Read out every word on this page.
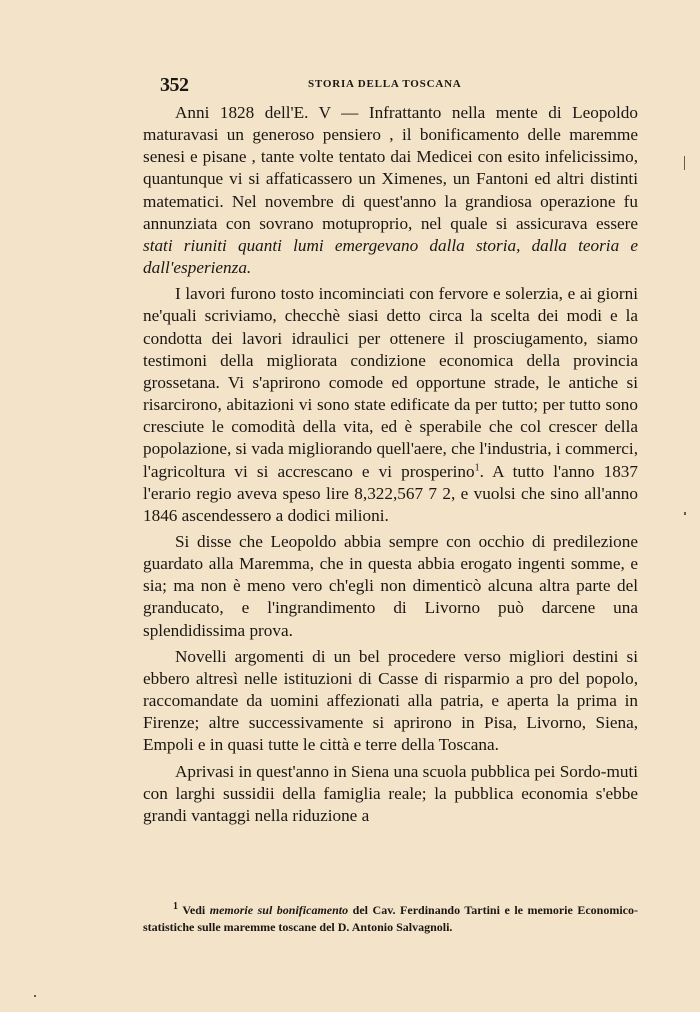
352	STORIA DELLA TOSCANA

Anni 1828 dell'E. V — Infrattanto nella mente di Leopoldo maturavasi un generoso pensiero , il bonificamento delle maremme senesi e pisane , tante volte tentato dai Medicei con esito infelicissimo, quantunque vi si affaticassero un Ximenes, un Fantoni ed altri distinti matematici. Nel novembre di quest'anno la grandiosa operazione fu annunziata con sovrano motuproprio, nel quale si assicurava essere stati riuniti quanti lumi emergevano dalla storia, dalla teoria e dall'esperienza.

I lavori furono tosto incominciati con fervore e solerzia, e ai giorni ne'quali scriviamo, checchè siasi detto circa la scelta dei modi e la condotta dei lavori idraulici per ottenere il prosciugamento, siamo testimoni della migliorata condizione economica della provincia grossetana. Vi s'aprirono comode ed opportune strade, le antiche si risarcirono, abitazioni vi sono state edificate da per tutto; per tutto sono cresciute le comodità della vita, ed è sperabile che col crescer della popolazione, si vada migliorando quell'aere, che l'industria, i commerci, l'agricoltura vi si accrescano e vi prosperino$^1$. A tutto l'anno 1837 l'erario regio aveva speso lire 8,322,567 7 2, e vuolsi che sino all'anno 1846 ascendessero a dodici milioni.

Si disse che Leopoldo abbia sempre con occhio di predilezione guardato alla Maremma, che in questa abbia erogato ingenti somme, e sia; ma non è meno vero ch'egli non dimenticò alcuna altra parte del granducato, e l'ingrandimento di Livorno può darcene una splendidissima prova.

Novelli argomenti di un bel procedere verso migliori destini si ebbero altresì nelle istituzioni di Casse di risparmio a pro del popolo, raccomandate da uomini affezionati alla patria, e aperta la prima in Firenze; altre successivamente si aprirono in Pisa, Livorno, Siena, Empoli e in quasi tutte le città e terre della Toscana.

Aprivasi in quest'anno in Siena una scuola pubblica pei Sordo-muti con larghi sussidii della famiglia reale; la pubblica economia s'ebbe grandi vantaggi nella riduzione a

$^1$ Vedi memorie sul bonificamento del Cav. Ferdinando Tartini e le memorie Economico-statistiche sulle maremme toscane del D. Antonio Salvagnoli.
